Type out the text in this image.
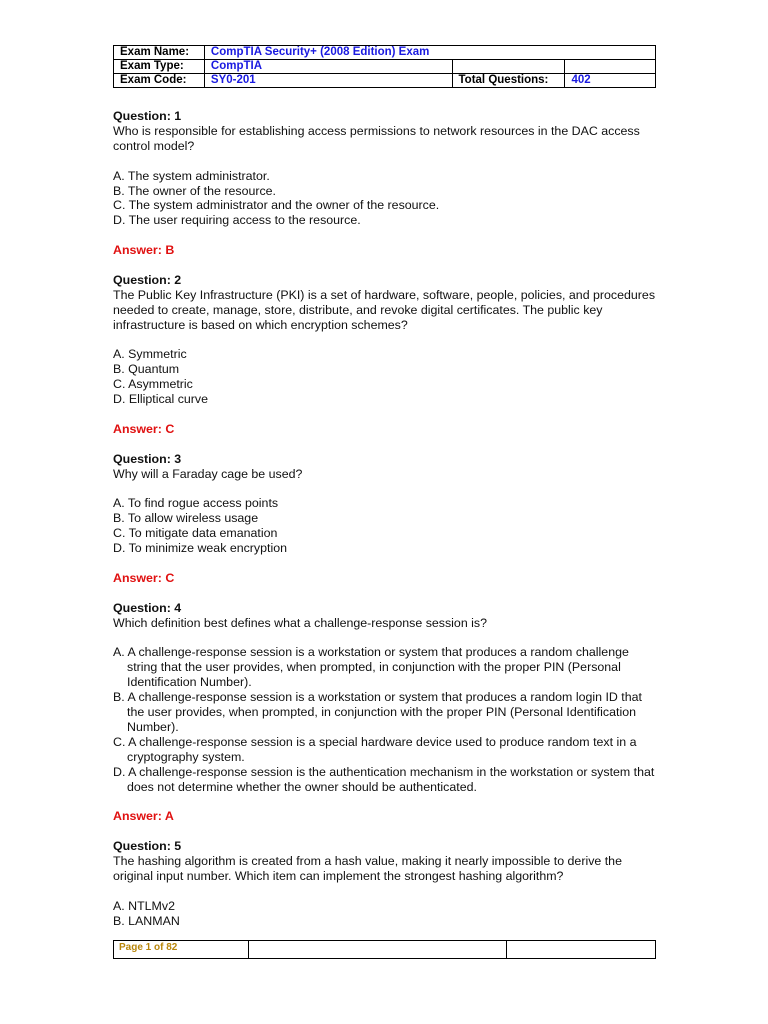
Exam Name:	CompTIA Security+ (2008 Edition) Exam		
Exam Type:	CompTIA		
Exam Code:	SY0-201	Total Questions:	402
Question: 1
Who is responsible for establishing access permissions to network resources in the DAC access control model?
A. The system administrator.
B. The owner of the resource.
C. The system administrator and the owner of the resource.
D. The user requiring access to the resource.
Answer: B
Question: 2
The Public Key Infrastructure (PKI) is a set of hardware, software, people, policies, and procedures needed to create, manage, store, distribute, and revoke digital certificates. The public key infrastructure is based on which encryption schemes?
A. Symmetric
B. Quantum
C. Asymmetric
D. Elliptical curve
Answer: C
Question: 3
Why will a Faraday cage be used?
A. To find rogue access points
B. To allow wireless usage
C. To mitigate data emanation
D. To minimize weak encryption
Answer: C
Question: 4
Which definition best defines what a challenge-response session is?
A. A challenge-response session is a workstation or system that produces a random challenge string that the user provides, when prompted, in conjunction with the proper PIN (Personal Identification Number).
B. A challenge-response session is a workstation or system that produces a random login ID that the user provides, when prompted, in conjunction with the proper PIN (Personal Identification Number).
C. A challenge-response session is a special hardware device used to produce random text in a cryptography system.
D. A challenge-response session is the authentication mechanism in the workstation or system that does not determine whether the owner should be authenticated.
Answer: A
Question: 5
The hashing algorithm is created from a hash value, making it nearly impossible to derive the original input number. Which item can implement the strongest hashing algorithm?
A. NTLMv2
B. LANMAN
Page 1 of 82		
